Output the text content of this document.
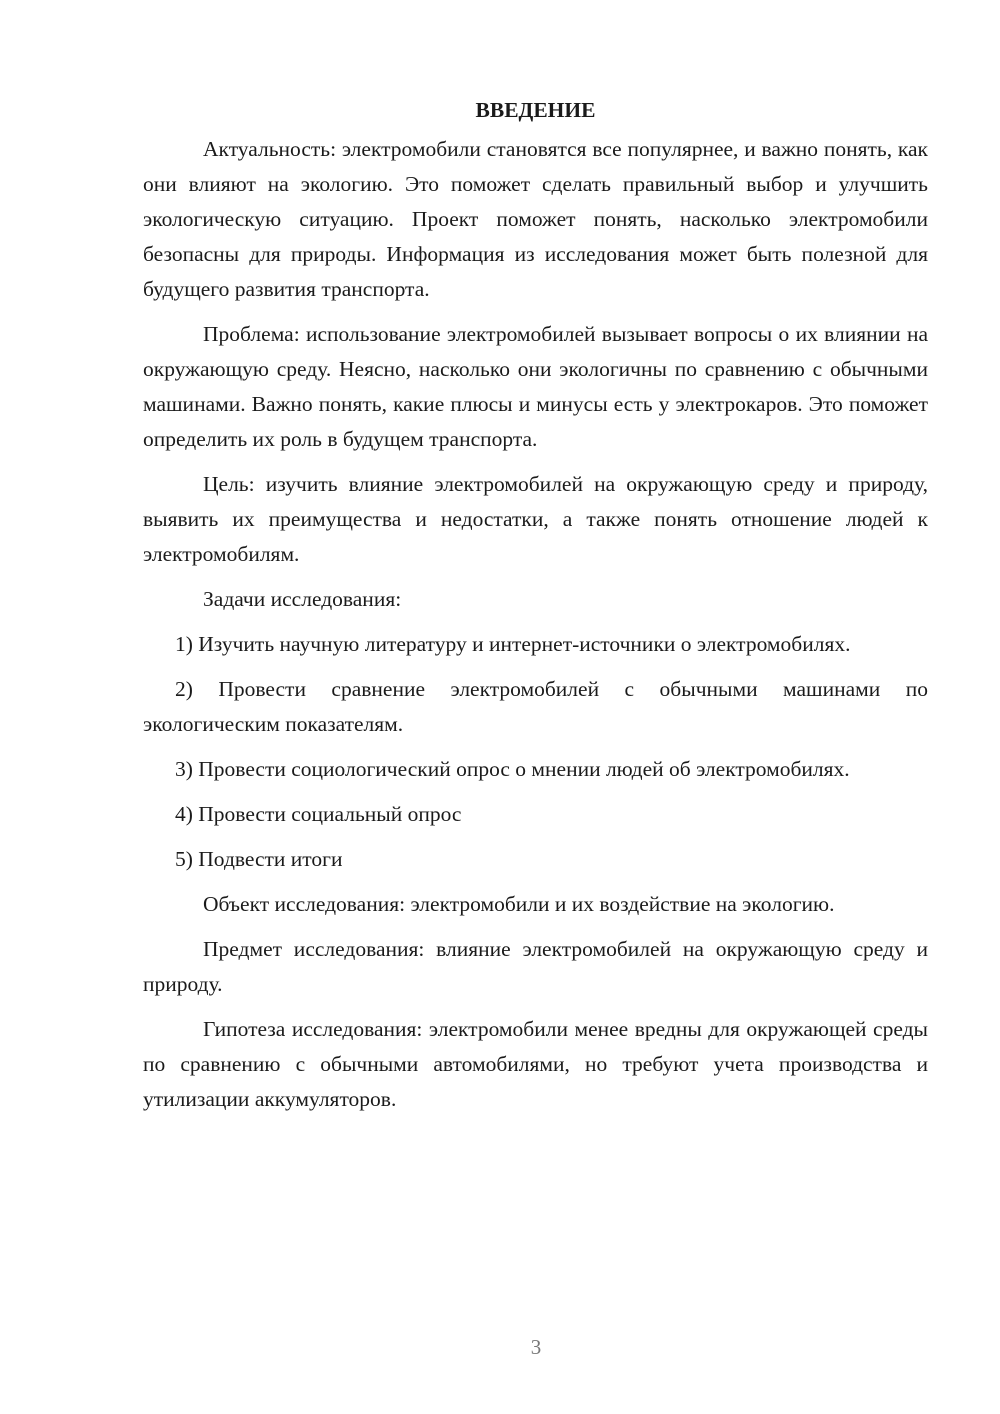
ВВЕДЕНИЕ

Актуальность: электромобили становятся все популярнее, и важно понять, как они влияют на экологию. Это поможет сделать правильный выбор и улучшить экологическую ситуацию. Проект поможет понять, насколько электромобили безопасны для природы. Информация из исследования может быть полезной для будущего развития транспорта.

Проблема: использование электромобилей вызывает вопросы о их влиянии на окружающую среду. Неясно, насколько они экологичны по сравнению с обычными машинами. Важно понять, какие плюсы и минусы есть у электрокаров. Это поможет определить их роль в будущем транспорта.

Цель: изучить влияние электромобилей на окружающую среду и природу, выявить их преимущества и недостатки, а также понять отношение людей к электромобилям.

Задачи исследования:

1) Изучить научную литературу и интернет-источники о электромобилях.

2) Провести сравнение электромобилей с обычными машинами по экологическим показателям.

3) Провести социологический опрос о мнении людей об электромобилях.

4) Провести социальный опрос

5) Подвести итоги

Объект исследования: электромобили и их воздействие на экологию.

Предмет исследования: влияние электромобилей на окружающую среду и природу.

Гипотеза исследования: электромобили менее вредны для окружающей среды по сравнению с обычными автомобилями, но требуют учета производства и утилизации аккумуляторов.

3
